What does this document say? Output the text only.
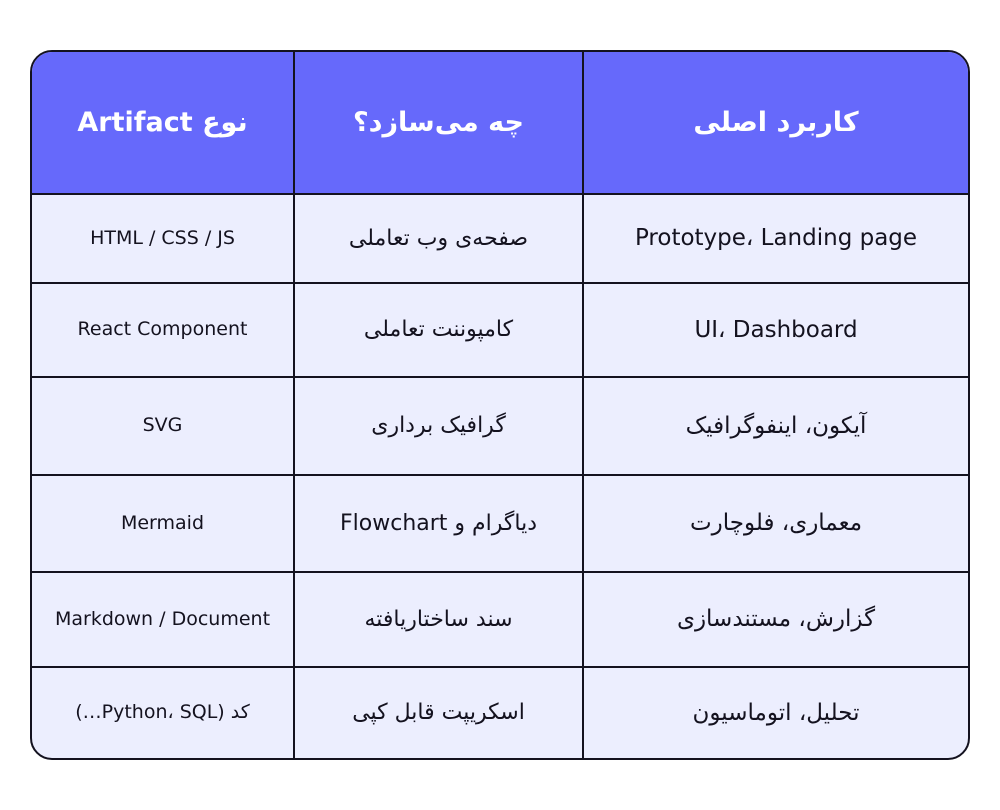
نوع Artifact	چه می‌سازد؟	کاربرد اصلی
HTML / CSS / JS	صفحه‌ی وب تعاملی	Prototype، Landing page
React Component	کامپوننت تعاملی	UI، Dashboard
SVG	گرافیک برداری	آیکون، اینفوگرافیک
Mermaid	دیاگرام و Flowchart	معماری، فلوچارت
Markdown / Document	سند ساختاریافته	گزارش، مستندسازی
کد (Python، SQL…)	اسکریپت قابل کپی	تحلیل، اتوماسیون
